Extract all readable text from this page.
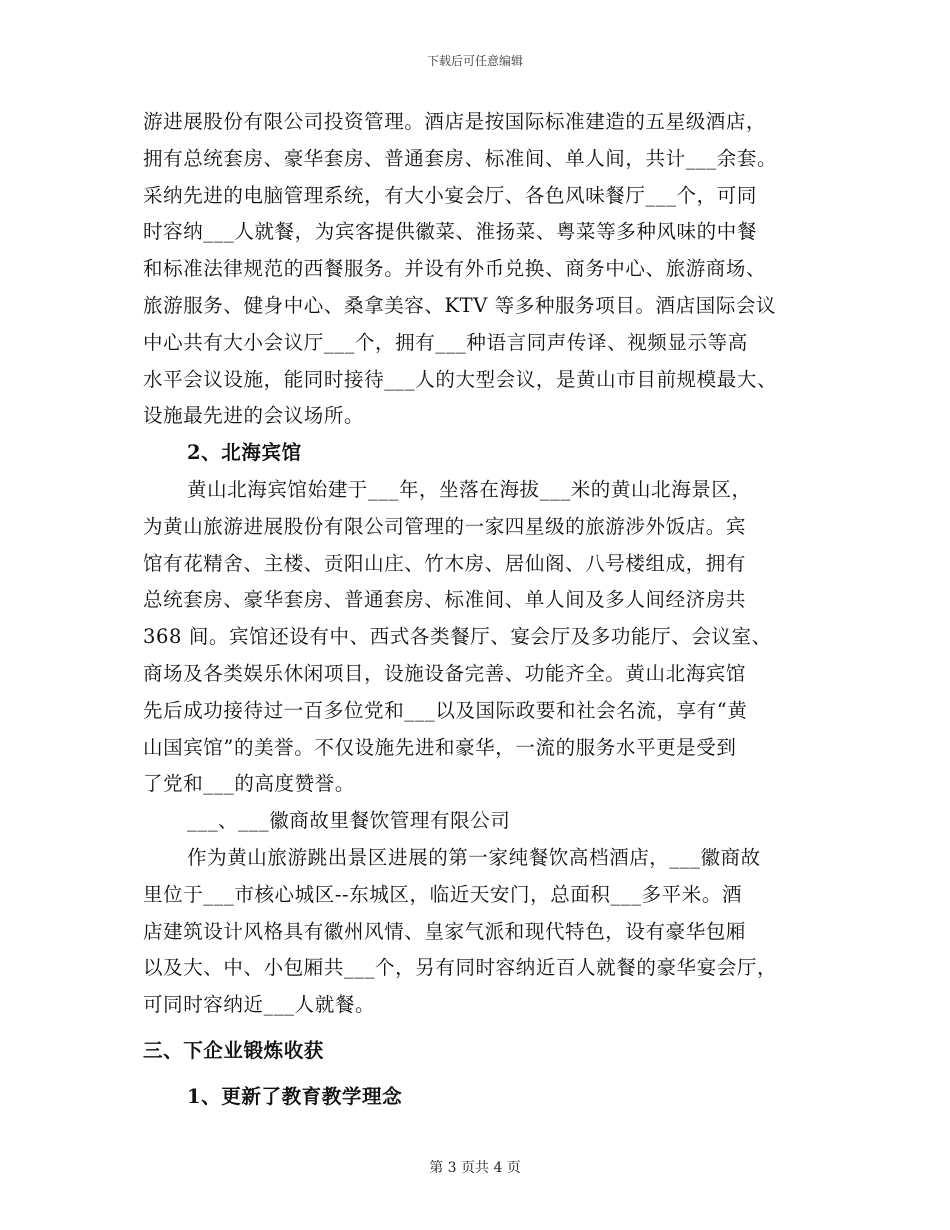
下载后可任意编辑
游进展股份有限公司投资管理。酒店是按国际标准建造的五星级酒店，
拥有总统套房、豪华套房、普通套房、标准间、单人间，共计___余套。
采纳先进的电脑管理系统，有大小宴会厅、各色风味餐厅___个，可同
时容纳___人就餐，为宾客提供徽菜、淮扬菜、粤菜等多种风味的中餐
和标准法律规范的西餐服务。并设有外币兑换、商务中心、旅游商场、
旅游服务、健身中心、桑拿美容、KTV 等多种服务项目。酒店国际会议
中心共有大小会议厅___个，拥有___种语言同声传译、视频显示等高
水平会议设施，能同时接待___人的大型会议，是黄山市目前规模最大、
设施最先进的会议场所。
2、北海宾馆
黄山北海宾馆始建于___年，坐落在海拔___米的黄山北海景区，
为黄山旅游进展股份有限公司管理的一家四星级的旅游涉外饭店。宾
馆有花精舍、主楼、贡阳山庄、竹木房、居仙阁、八号楼组成，拥有
总统套房、豪华套房、普通套房、标准间、单人间及多人间经济房共
368 间。宾馆还设有中、西式各类餐厅、宴会厅及多功能厅、会议室、
商场及各类娱乐休闲项目，设施设备完善、功能齐全。黄山北海宾馆
先后成功接待过一百多位党和___以及国际政要和社会名流，享有“黄
山国宾馆”的美誉。不仅设施先进和豪华，一流的服务水平更是受到
了党和___的高度赞誉。
___、___徽商故里餐饮管理有限公司
作为黄山旅游跳出景区进展的第一家纯餐饮高档酒店，___徽商故
里位于___市核心城区--东城区，临近天安门，总面积___多平米。酒
店建筑设计风格具有徽州风情、皇家气派和现代特色，设有豪华包厢
以及大、中、小包厢共___个，另有同时容纳近百人就餐的豪华宴会厅，
可同时容纳近___人就餐。
三、下企业锻炼收获
1、更新了教育教学理念
第 3 页共 4 页
